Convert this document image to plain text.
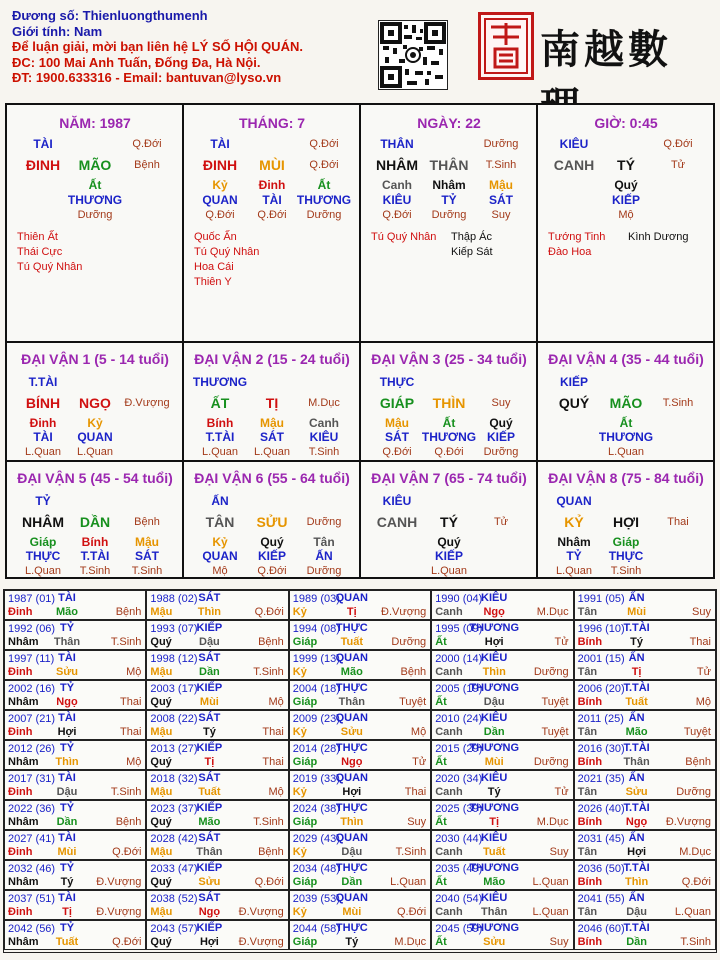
Đương số: Thienluongthumenh
Giới tính: Nam
Để luận giải, mời bạn liên hệ LÝ SỐ HỘI QUÁN.
ĐC: 100 Mai Anh Tuấn, Đống Đa, Hà Nội.
ĐT: 1900.633316 - Email: bantuvan@lyso.vn
南越數
NĂM: 1987
TÀI	Q.Đới
ĐINH MÃO Bệnh
Ất
THƯƠNG
Dưỡng
Thiên Ất
Thái Cực
Tú Quý Nhân
THÁNG: 7
TÀI	Q.Đới
ĐINH MÙI Q.Đới
Kỷ
QUAN
Q.Đới
Đinh
TÀI
Q.Đới
Ất
THƯƠNG
Dưỡng
Quốc Ấn
Tú Quý Nhân
Hoa Cái
Thiên Y
NGÀY: 22
THÂN	Dưỡng
NHÂM THÂN T.Sinh
Canh
KIÊU
Q.Đới
Nhâm
TỶ
Dưỡng
Mậu
SÁT
Suy
Tú Quý Nhân Thập Ác
Kiếp Sát
GIỜ: 0:45
KIÊU	Q.Đới
CANH TÝ	Tử
Quý
KIẾP
Mộ
Tướng Tinh
Đào Hoa
Kình Dương
ĐẠI VẬN 1 (5 - 14 tuổi)
T.TÀI
BÍNH NGỌ Đ.Vượng
Đinh
TÀI
L.Quan
Kỷ
QUAN
L.Quan
ĐẠI VẬN 2 (15 - 24 tuổi)
THƯƠNG
ẤT	TỊ	M.Dục
Bính
T.TÀI
L.Quan
Mậu
SÁT
L.Quan
Canh
KIÊU
T.Sinh
ĐẠI VẬN 3 (25 - 34 tuổi)
THỰC
GIÁP THÌN Suy
Mậu
SÁT
Q.Đới
Ất
THƯƠNG
Q.Đới
Quý
KIẾP
Dưỡng
ĐẠI VẬN 4 (35 - 44 tuổi)
KIẾP
QUÝ MÃO T.Sinh
Ất
THƯƠNG
L.Quan
ĐẠI VẬN 5 (45 - 54 tuổi)
TỶ
NHÂM DẦN Bệnh
Giáp
THỰC
L.Quan
Bính
T.TÀI
T.Sinh
Mậu
SÁT
T.Sinh
ĐẠI VẬN 6 (55 - 64 tuổi)
ẤN
TÂN SỬU Dưỡng
Kỷ
QUAN
Mộ
Quý
KIẾP
Q.Đới
Tân
ẤN
Dưỡng
ĐẠI VẬN 7 (65 - 74 tuổi)
KIÊU
CANH TÝ	Tử
Quý
KIẾP
L.Quan
ĐẠI VẬN 8 (75 - 84 tuổi)
QUAN
KỶ HỢI	Thai
Nhâm
TỶ
L.Quan
Giáp
THỰC
T.Sinh
1987 (01) TÀI
Đinh Mão	Bệnh
1988 (02) SÁT
Mậu Thìn	Q.Đới
1989 (03)
QUAN
Kỷ	Tị Đ.Vượng
1990 (04)
KIÊU
Canh Ngọ	M.Dục
1991 (05) ẤN
Tân	Mùi	Suy
1992 (06) TỶ
Nhâm Thân	T.Sinh
1993 (07) KIẾP
Quý Dậu	Bệnh
1994 (08)
THỰC
Giáp Tuất	Dưỡng
1995 (09)
THƯƠNG
Ất	Hợi	Tử
1996 (10)
T.TÀI
Bính	Tý	Thai
1997 (11) TÀI
Đinh Sửu	Mộ
1998 (12) SÁT
Mậu Dần	T.Sinh
1999 (13)
QUAN
Kỷ	Mão	Bệnh
2000 (14)
KIÊU
Canh Thìn	Dưỡng
2001 (15) ẤN
Tân	Tị	Tử
2002 (16) TỶ
Nhâm Ngọ	Thai
2003 (17) KIẾP
Quý	Mùi	Mộ
2004 (18)
THỰC
Giáp Thân	Tuyệt
2005 (19)
THƯƠNG
Ất	Dậu	Tuyệt
2006 (20)
T.TÀI
Bính Tuất	Mộ
2007 (21) TÀI
Đinh Hợi	Thai
2008 (22) SÁT
Mậu	Tý	Thai
2009 (23)
QUAN
Kỷ	Sửu	Mộ
2010 (24)
KIÊU
Canh Dần	Tuyệt
2011 (25) ẤN
Tân	Mão	Tuyệt
2012 (26) TỶ
Nhâm Thìn	Mộ
2013 (27) KIẾP
Quý	Tị	Thai
2014 (28)
THỰC
Giáp Ngọ	Tử
2015 (29)
THƯƠNG
Ất	Mùi	Dưỡng
2016 (30)
T.TÀI
Bính Thân	Bệnh
2017 (31) TÀI
Đinh Dậu	T.Sinh
2018 (32) SÁT
Mậu Tuất	Mộ
2019 (33)
QUAN
Kỷ	Hợi	Thai
2020 (34)
KIÊU
Canh Tý	Tử
2021 (35) ẤN
Tân	Sửu	Dưỡng
2022 (36) TỶ
Nhâm Dần	Bệnh
2023 (37) KIẾP
Quý Mão	T.Sinh
2024 (38)
THỰC
Giáp Thìn	Suy
2025 (39)
THƯƠNG
Ất	Tị	M.Dục
2026 (40)
T.TÀI
Bính Ngọ Đ.Vượng
2027 (41) TÀI
Đinh Mùi	Q.Đới
2028 (42) SÁT
Mậu Thân	Bệnh
2029 (43)
QUAN
Kỷ	Dậu	T.Sinh
2030 (44)
KIÊU
Canh Tuất	Suy
2031 (45) ẤN
Tân	Hợi	M.Dục
2032 (46) TỶ
Nhâm Tý Đ.Vượng
2033 (47) KIẾP
Quý Sửu	Q.Đới
2034 (48)
THỰC
Giáp Dần	L.Quan
2035 (49)
THƯƠNG
Ất	Mão L.Quan
2036 (50)
T.TÀI
Bính Thìn	Q.Đới
2037 (51) TÀI
Đinh	Tị Đ.Vượng
2038 (52) SÁT
Mậu Ngọ Đ.Vượng
2039 (53)
QUAN
Kỷ	Mùi	Q.Đới
2040 (54)
KIÊU
Canh Thân L.Quan
2041 (55) ẤN
Tân	Dậu	L.Quan
2042 (56) TỶ
Nhâm Tuất	Q.Đới
2043 (57) KIẾP
Quý	Hợi Đ.Vượng
2044 (58)
THỰC
Giáp	Tý	M.Dục
2045 (59)
THƯƠNG
Ất	Sửu	Suy
2046 (60)
T.TÀI
Bính Dần	T.Sinh
